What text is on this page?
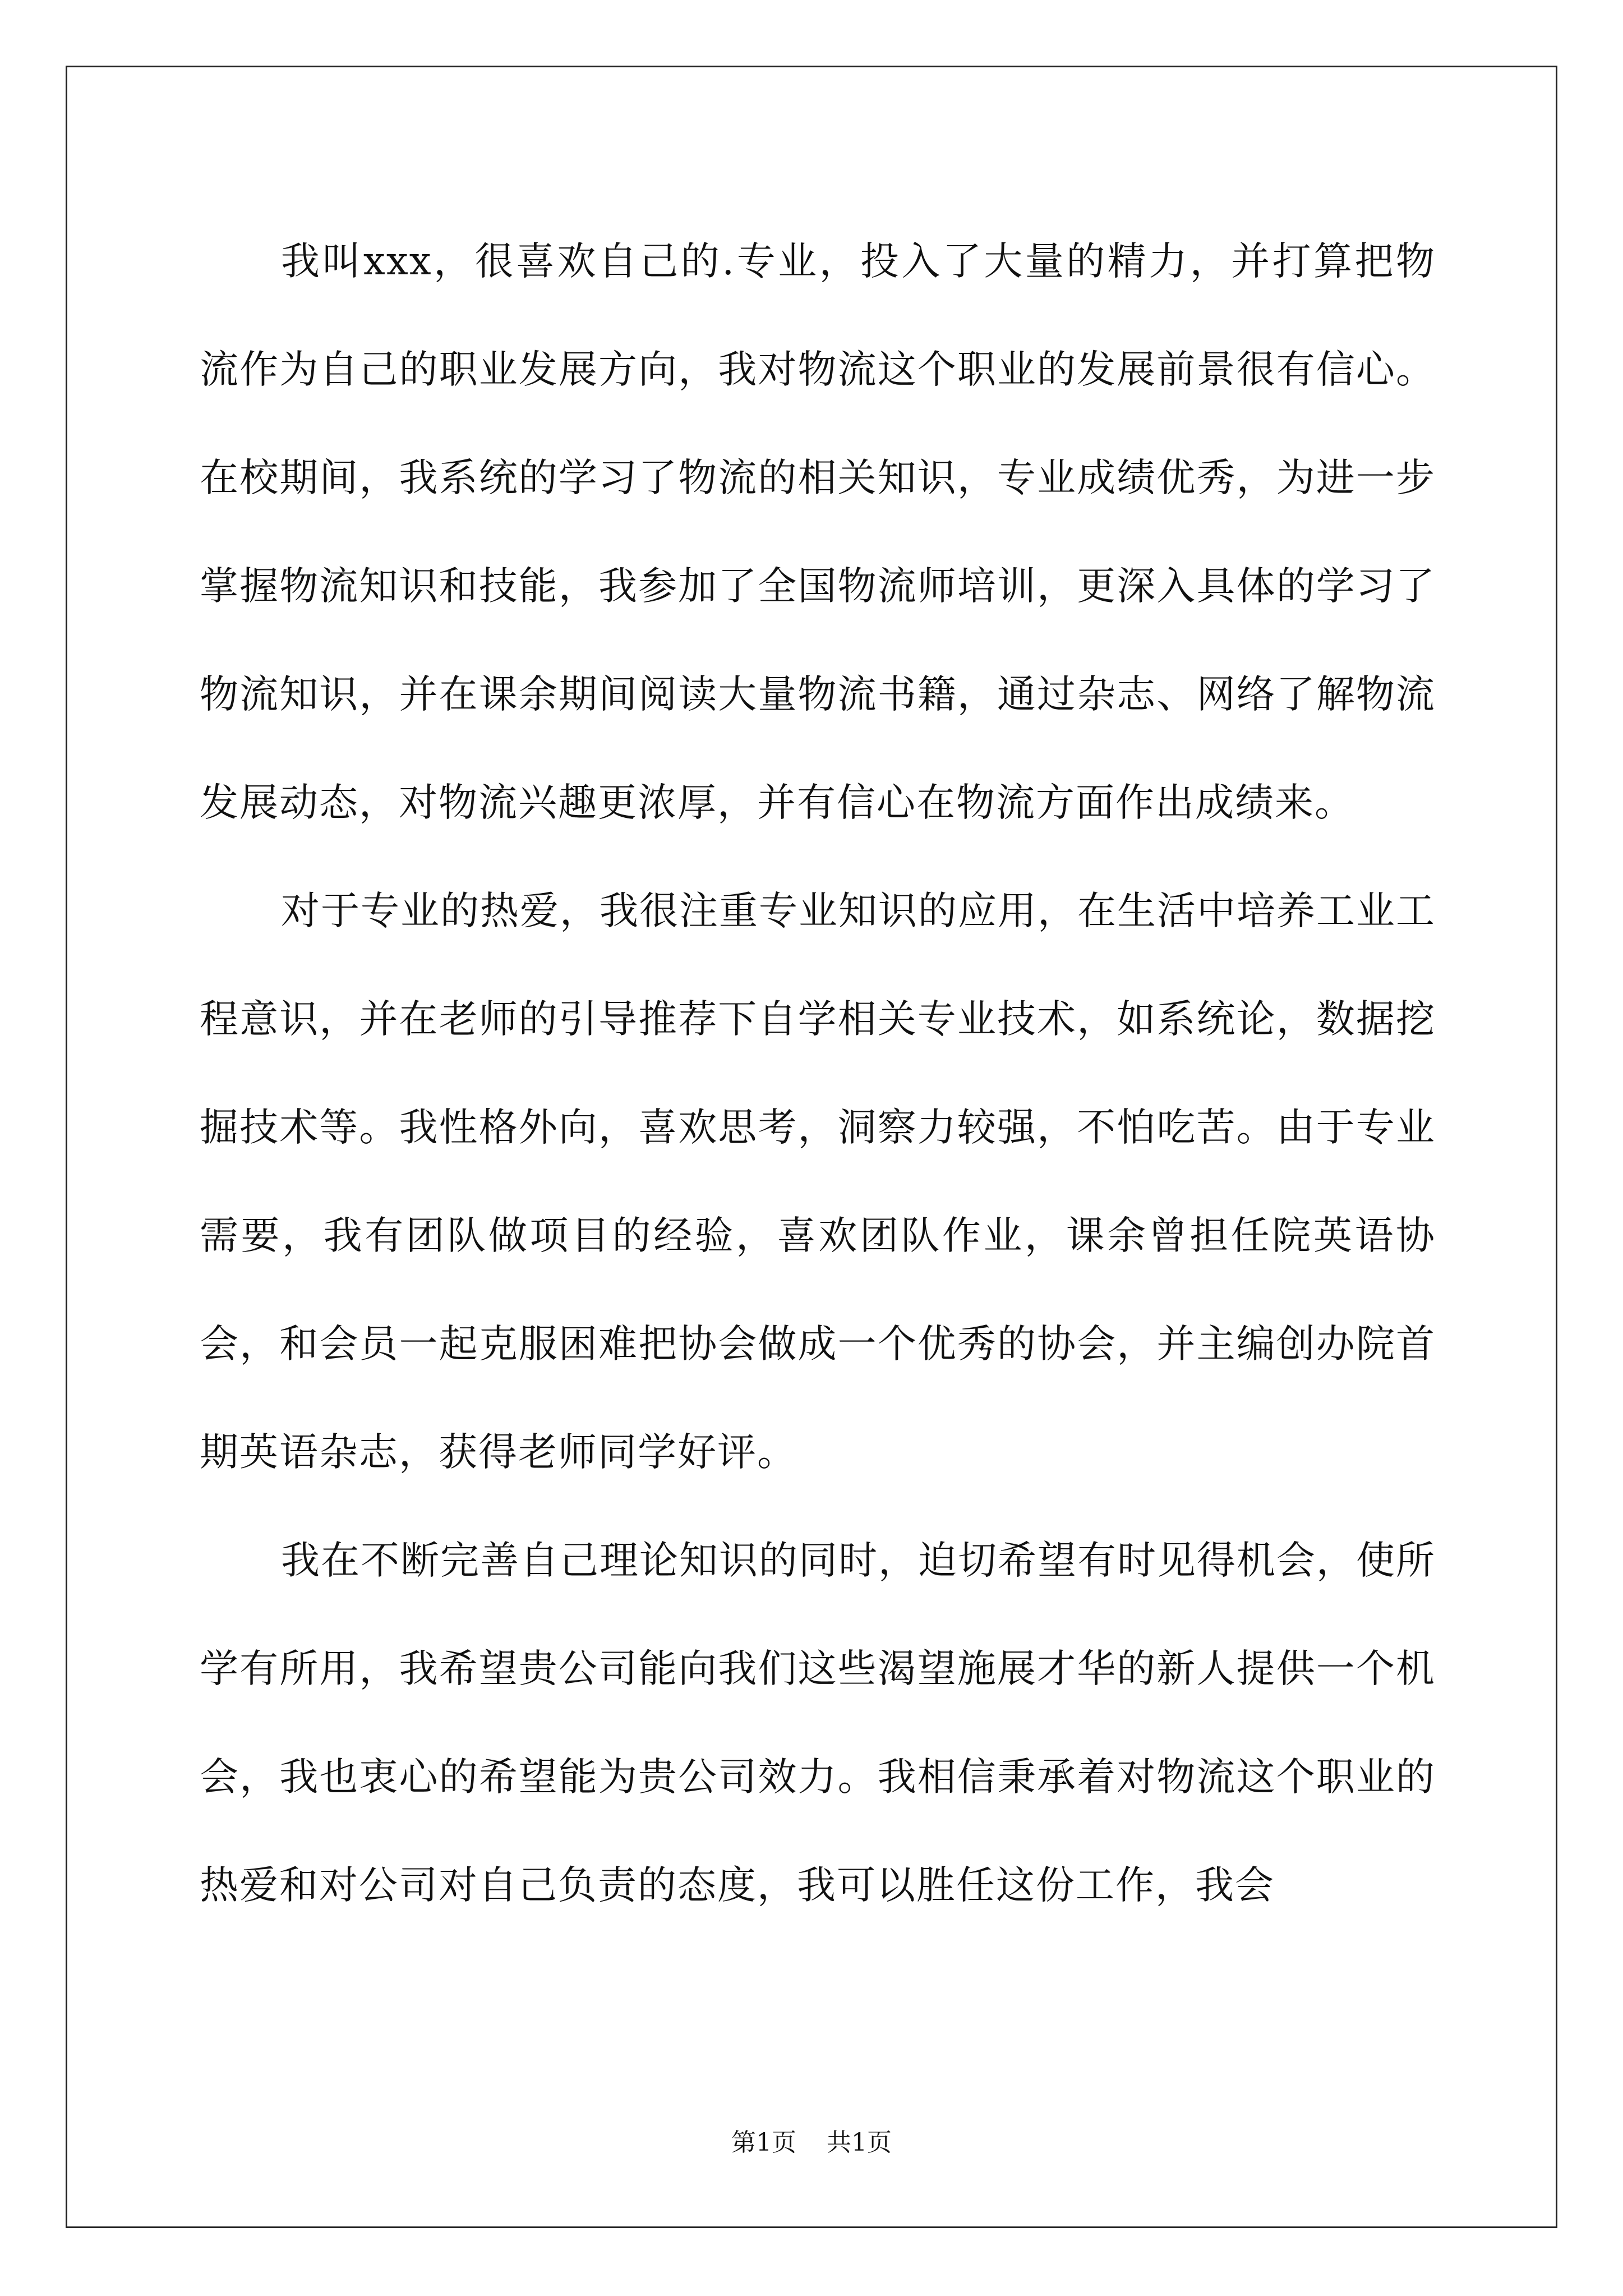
我叫xxx，很喜欢自己的.专业，投入了大量的精力，并打算把物流作为自己的职业发展方向，我对物流这个职业的发展前景很有信心。在校期间，我系统的学习了物流的相关知识，专业成绩优秀，为进一步掌握物流知识和技能，我参加了全国物流师培训，更深入具体的学习了物流知识，并在课余期间阅读大量物流书籍，通过杂志、网络了解物流发展动态，对物流兴趣更浓厚，并有信心在物流方面作出成绩来。

对于专业的热爱，我很注重专业知识的应用，在生活中培养工业工程意识，并在老师的引导推荐下自学相关专业技术，如系统论，数据挖掘技术等。我性格外向，喜欢思考，洞察力较强，不怕吃苦。由于专业需要，我有团队做项目的经验，喜欢团队作业，课余曾担任院英语协会，和会员一起克服困难把协会做成一个优秀的协会，并主编创办院首期英语杂志，获得老师同学好评。

我在不断完善自己理论知识的同时，迫切希望有时见得机会，使所学有所用，我希望贵公司能向我们这些渴望施展才华的新人提供一个机会，我也衷心的希望能为贵公司效力。我相信秉承着对物流这个职业的热爱和对公司对自己负责的态度，我可以胜任这份工作，我会

第1页 共1页
